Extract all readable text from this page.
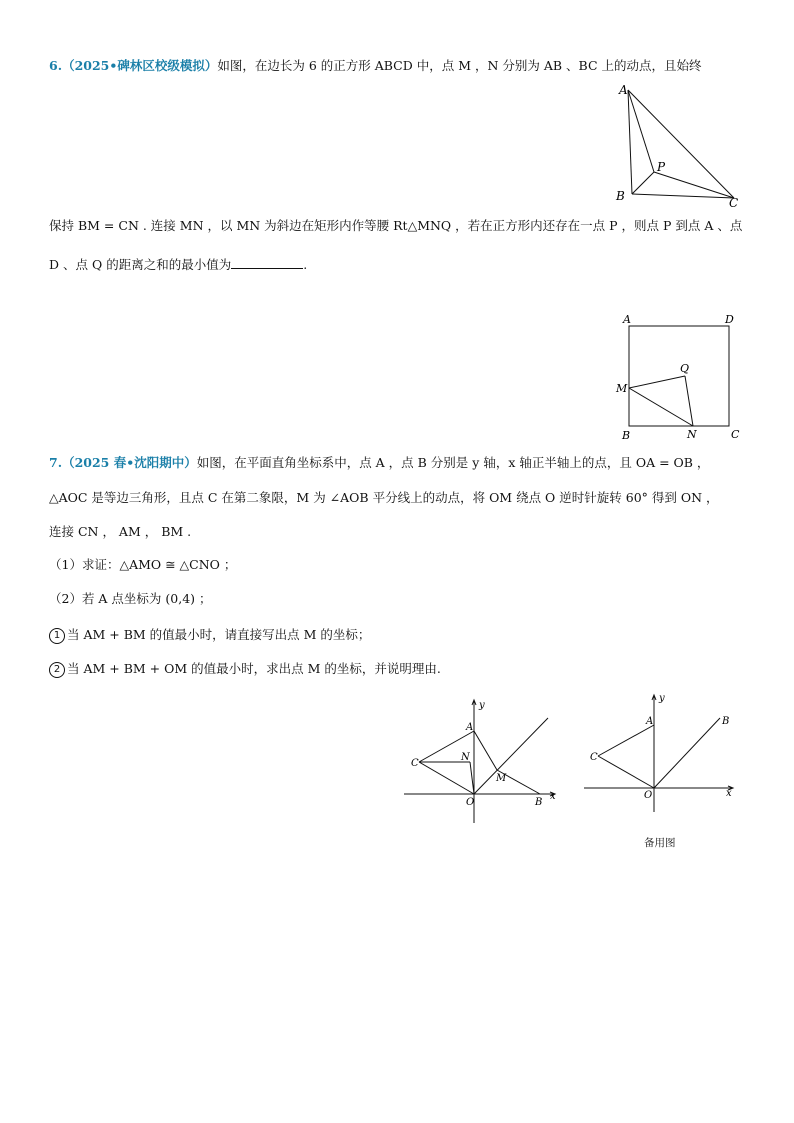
6.（2025•碑林区校级模拟）如图，在边长为 6 的正方形 ABCD 中，点 M ，N 分别为 AB 、BC 上的动点，且始终
A
B	C
P
保持 BM = CN . 连接 MN ，以 MN 为斜边在矩形内作等腰 Rt△MNQ ，若在正方形内还存在一点 P ，则点 P 到点 A 、点
D 、点 Q 的距离之和的最小值为	.
A	D
M
Q
B	N	C
7.（2025 春•沈阳期中）如图，在平面直角坐标系中，点 A ，点 B 分别是 y 轴，x 轴正半轴上的点，且 OA = OB ，
△AOC 是等边三角形，且点 C 在第二象限，M 为 ∠AOB 平分线上的动点，将 OM 绕点 O 逆时针旋转 60° 得到 ON ，
连接 CN ， AM ， BM .
（1）求证：△AMO ≅ △CNO ；
（2）若 A 点坐标为 (0,4) ；
1 当 AM + BM 的值最小时，请直接写出点 M 的坐标；
2 当 AM + BM + OM 的值最小时，求出点 M 的坐标，并说明理由.
y
x
A
C
N
M
O	B
y
x
A	B
C
O
备用图
